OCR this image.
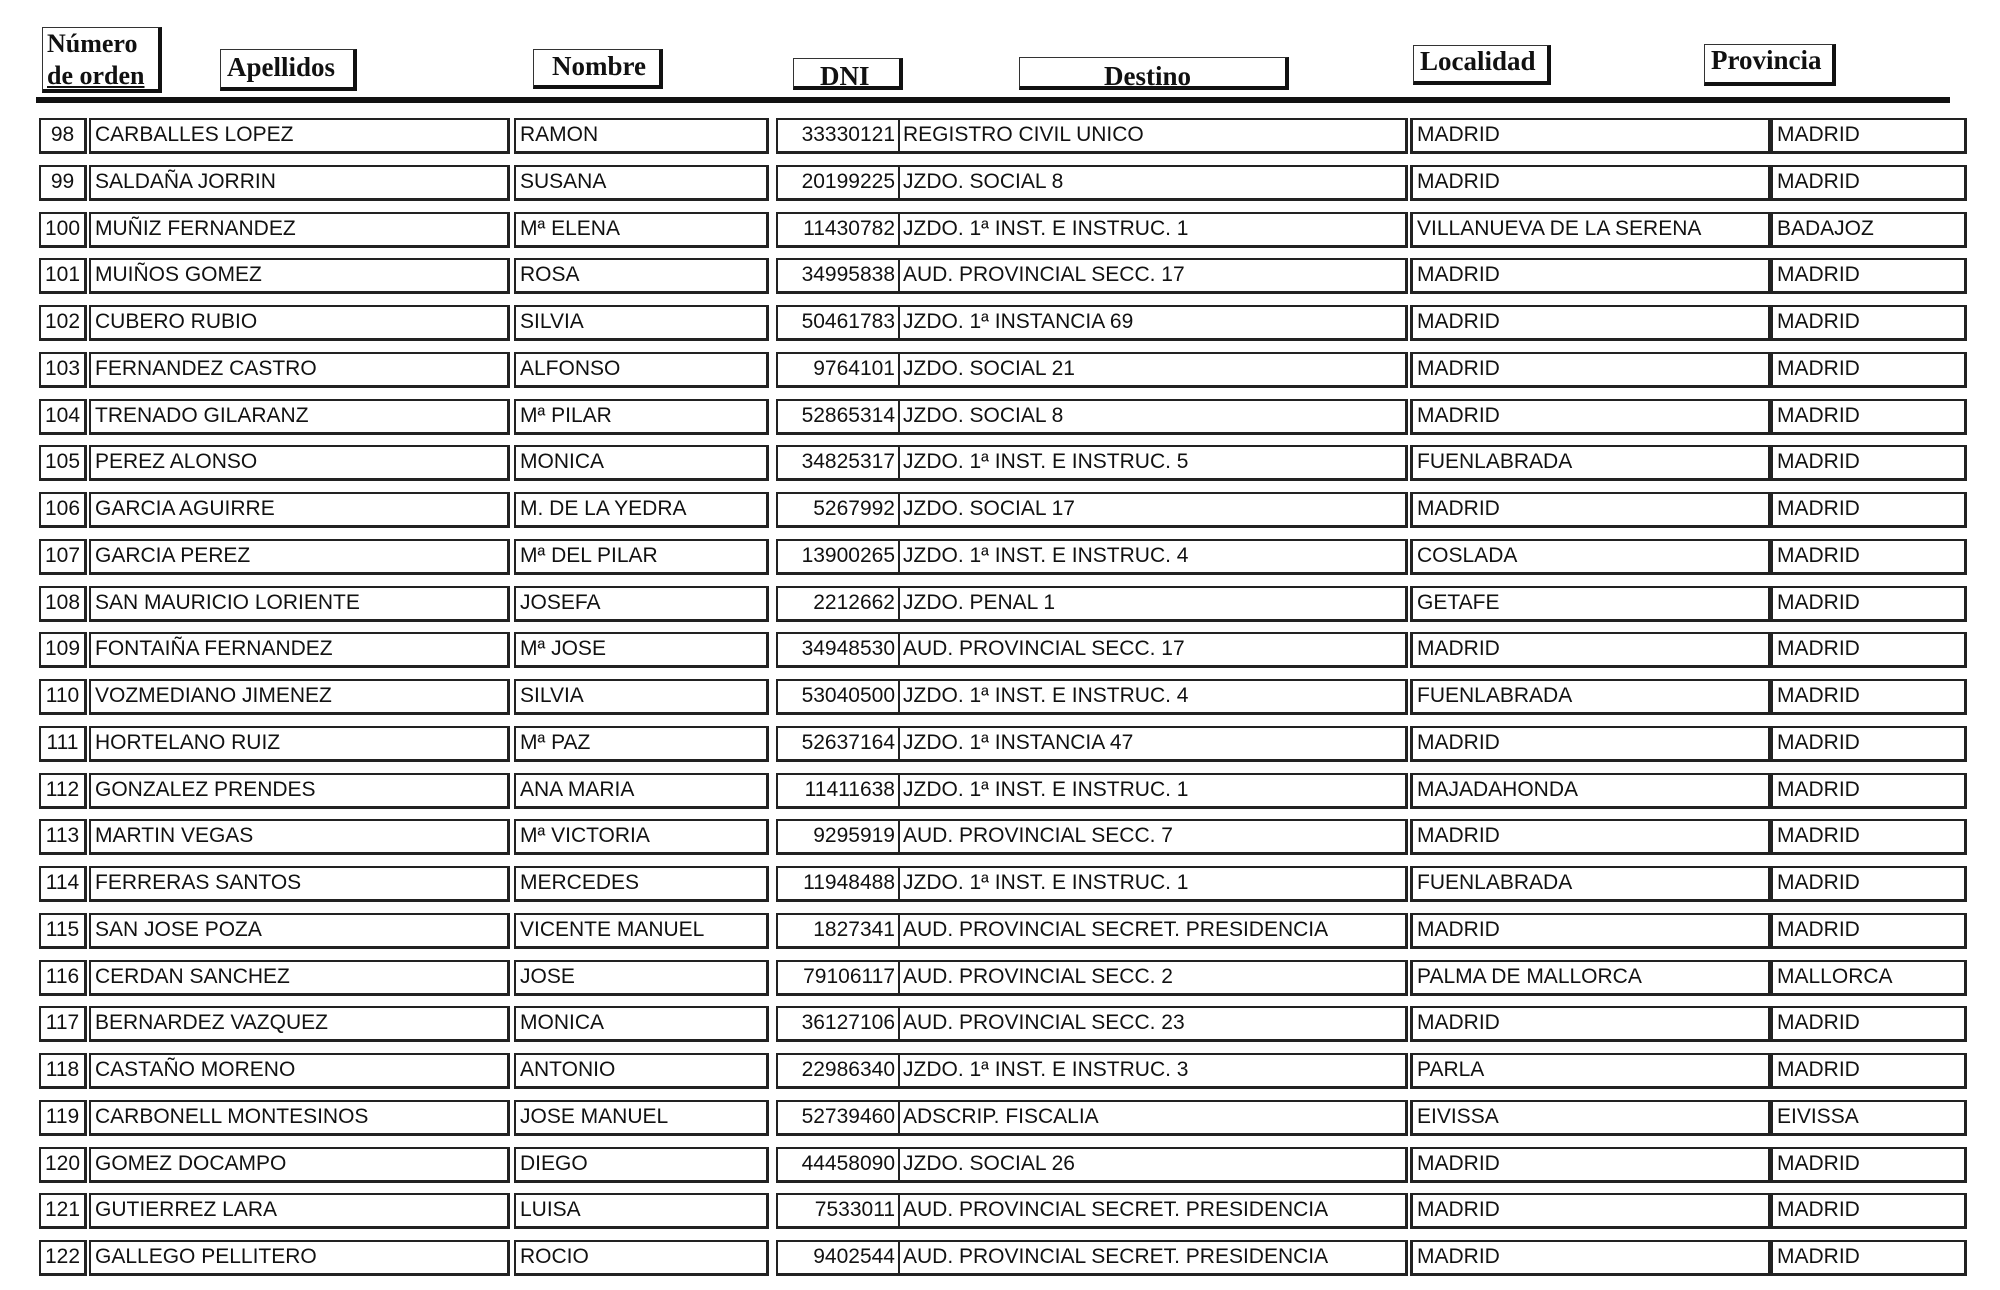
Número
de orden	Apellidos	Nombre	DNI	Destino	Localidad	Provincia
98 CARBALLES LOPEZ	RAMON	33330121 REGISTRO CIVIL UNICO	MADRID	MADRID
99 SALDAÑA JORRIN	SUSANA	20199225 JZDO. SOCIAL 8	MADRID	MADRID
100 MUÑIZ FERNANDEZ	Mª ELENA	11430782 JZDO. 1ª INST. E INSTRUC. 1	VILLANUEVA DE LA SERENA	BADAJOZ
101 MUIÑOS GOMEZ	ROSA	34995838 AUD. PROVINCIAL SECC. 17	MADRID	MADRID
102 CUBERO RUBIO	SILVIA	50461783 JZDO. 1ª INSTANCIA 69	MADRID	MADRID
103 FERNANDEZ CASTRO	ALFONSO	9764101 JZDO. SOCIAL 21	MADRID	MADRID
104 TRENADO GILARANZ	Mª PILAR	52865314 JZDO. SOCIAL 8	MADRID	MADRID
105 PEREZ ALONSO	MONICA	34825317 JZDO. 1ª INST. E INSTRUC. 5	FUENLABRADA	MADRID
106 GARCIA AGUIRRE	M. DE LA YEDRA	5267992 JZDO. SOCIAL 17	MADRID	MADRID
107 GARCIA PEREZ	Mª DEL PILAR	13900265 JZDO. 1ª INST. E INSTRUC. 4	COSLADA	MADRID
108 SAN MAURICIO LORIENTE	JOSEFA	2212662 JZDO. PENAL 1	GETAFE	MADRID
109 FONTAIÑA FERNANDEZ	Mª JOSE	34948530 AUD. PROVINCIAL SECC. 17	MADRID	MADRID
110 VOZMEDIANO JIMENEZ	SILVIA	53040500 JZDO. 1ª INST. E INSTRUC. 4	FUENLABRADA	MADRID
111 HORTELANO RUIZ	Mª PAZ	52637164 JZDO. 1ª INSTANCIA 47	MADRID	MADRID
112 GONZALEZ PRENDES	ANA MARIA	11411638 JZDO. 1ª INST. E INSTRUC. 1	MAJADAHONDA	MADRID
113 MARTIN VEGAS	Mª VICTORIA	9295919 AUD. PROVINCIAL SECC. 7	MADRID	MADRID
114 FERRERAS SANTOS	MERCEDES	11948488 JZDO. 1ª INST. E INSTRUC. 1	FUENLABRADA	MADRID
115 SAN JOSE POZA	VICENTE MANUEL	1827341 AUD. PROVINCIAL SECRET. PRESIDENCIA	MADRID	MADRID
116 CERDAN SANCHEZ	JOSE	79106117 AUD. PROVINCIAL SECC. 2	PALMA DE MALLORCA	MALLORCA
117 BERNARDEZ VAZQUEZ	MONICA	36127106 AUD. PROVINCIAL SECC. 23	MADRID	MADRID
118 CASTAÑO MORENO	ANTONIO	22986340 JZDO. 1ª INST. E INSTRUC. 3	PARLA	MADRID
119 CARBONELL MONTESINOS	JOSE MANUEL	52739460 ADSCRIP. FISCALIA	EIVISSA	EIVISSA
120 GOMEZ DOCAMPO	DIEGO	44458090 JZDO. SOCIAL 26	MADRID	MADRID
121 GUTIERREZ LARA	LUISA	7533011 AUD. PROVINCIAL SECRET. PRESIDENCIA	MADRID	MADRID
122 GALLEGO PELLITERO	ROCIO	9402544 AUD. PROVINCIAL SECRET. PRESIDENCIA	MADRID	MADRID
